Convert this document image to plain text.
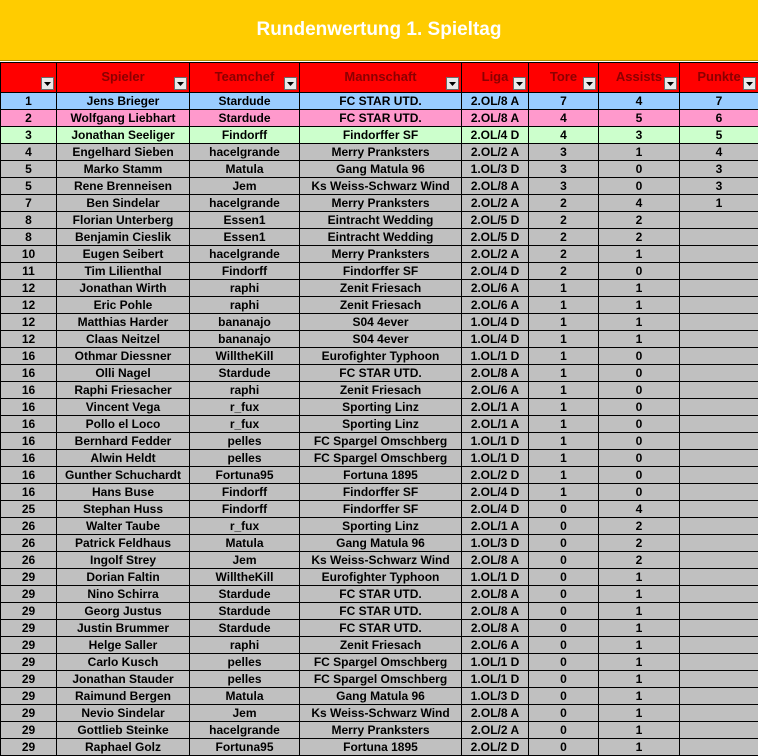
Rundenwertung 1. Spieltag

Spieler	Teamchef	Mannschaft	Liga	Tore	Assists	Punkte

1	Jens Brieger	Stardude	FC STAR UTD.	2.OL/8 A	7	4	7
2	Wolfgang Liebhart	Stardude	FC STAR UTD.	2.OL/8 A	4	5	6
3	Jonathan Seeliger	Findorff	Findorffer SF	2.OL/4 D	4	3	5
4	Engelhard Sieben	hacelgrande	Merry Pranksters	2.OL/2 A	3	1	4
5	Marko Stamm	Matula	Gang Matula 96	1.OL/3 D	3	0	3
5	Rene Brenneisen	Jem	Ks Weiss-Schwarz Wind	2.OL/8 A	3	0	3
7	Ben Sindelar	hacelgrande	Merry Pranksters	2.OL/2 A	2	4	1
8	Florian Unterberg	Essen1	Eintracht Wedding	2.OL/5 D	2	2	
8	Benjamin Cieslik	Essen1	Eintracht Wedding	2.OL/5 D	2	2	
10	Eugen Seibert	hacelgrande	Merry Pranksters	2.OL/2 A	2	1	
11	Tim Lilienthal	Findorff	Findorffer SF	2.OL/4 D	2	0	
12	Jonathan Wirth	raphi	Zenit Friesach	2.OL/6 A	1	1	
12	Eric Pohle	raphi	Zenit Friesach	2.OL/6 A	1	1	
12	Matthias Harder	bananajo	S04 4ever	1.OL/4 D	1	1	
12	Claas Neitzel	bananajo	S04 4ever	1.OL/4 D	1	1	
16	Othmar Diessner	WilltheKill	Eurofighter Typhoon	1.OL/1 D	1	0	
16	Olli Nagel	Stardude	FC STAR UTD.	2.OL/8 A	1	0	
16	Raphi Friesacher	raphi	Zenit Friesach	2.OL/6 A	1	0	
16	Vincent Vega	r_fux	Sporting Linz	2.OL/1 A	1	0	
16	Pollo el Loco	r_fux	Sporting Linz	2.OL/1 A	1	0	
16	Bernhard Fedder	pelles	FC Spargel Omschberg	1.OL/1 D	1	0	
16	Alwin Heldt	pelles	FC Spargel Omschberg	1.OL/1 D	1	0	
16	Gunther Schuchardt	Fortuna95	Fortuna 1895	2.OL/2 D	1	0	
16	Hans Buse	Findorff	Findorffer SF	2.OL/4 D	1	0	
25	Stephan Huss	Findorff	Findorffer SF	2.OL/4 D	0	4	
26	Walter Taube	r_fux	Sporting Linz	2.OL/1 A	0	2	
26	Patrick Feldhaus	Matula	Gang Matula 96	1.OL/3 D	0	2	
26	Ingolf Strey	Jem	Ks Weiss-Schwarz Wind	2.OL/8 A	0	2	
29	Dorian Faltin	WilltheKill	Eurofighter Typhoon	1.OL/1 D	0	1	
29	Nino Schirra	Stardude	FC STAR UTD.	2.OL/8 A	0	1	
29	Georg Justus	Stardude	FC STAR UTD.	2.OL/8 A	0	1	
29	Justin Brummer	Stardude	FC STAR UTD.	2.OL/8 A	0	1	
29	Helge Saller	raphi	Zenit Friesach	2.OL/6 A	0	1	
29	Carlo Kusch	pelles	FC Spargel Omschberg	1.OL/1 D	0	1	
29	Jonathan Stauder	pelles	FC Spargel Omschberg	1.OL/1 D	0	1	
29	Raimund Bergen	Matula	Gang Matula 96	1.OL/3 D	0	1	
29	Nevio Sindelar	Jem	Ks Weiss-Schwarz Wind	2.OL/8 A	0	1	
29	Gottlieb Steinke	hacelgrande	Merry Pranksters	2.OL/2 A	0	1	
29	Raphael Golz	Fortuna95	Fortuna 1895	2.OL/2 D	0	1	
